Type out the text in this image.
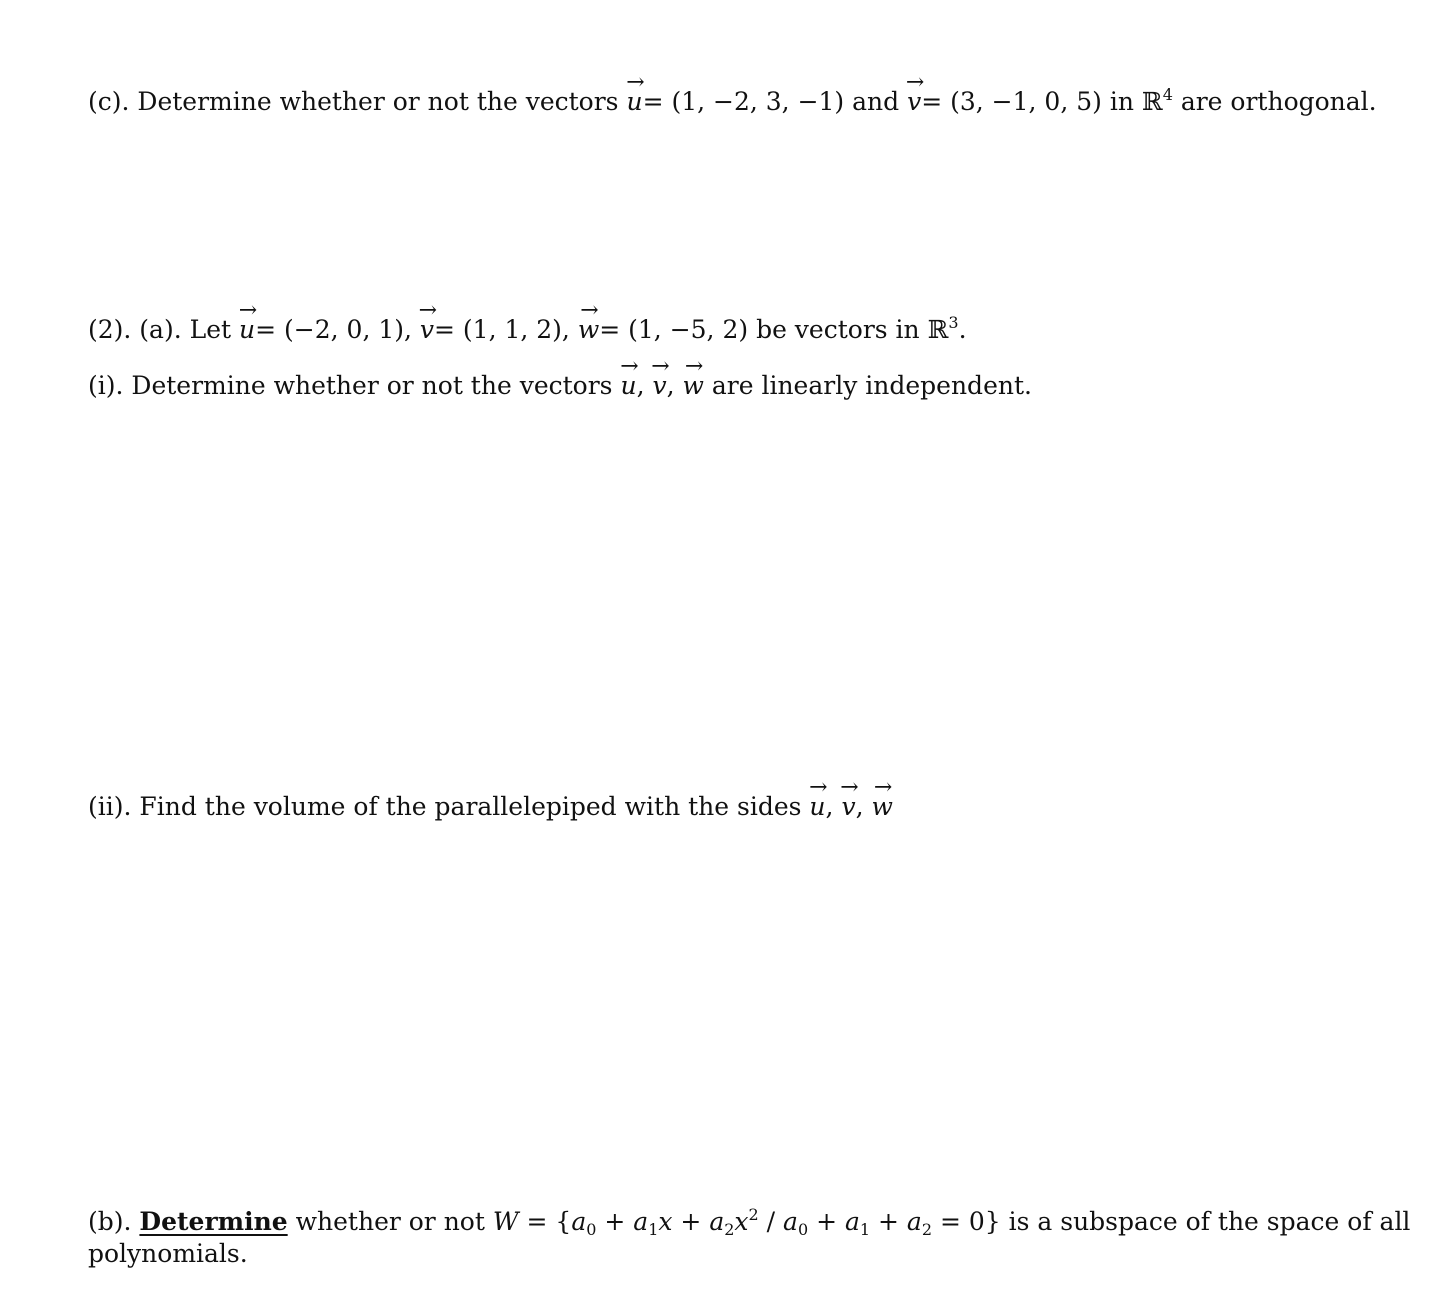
(c). Determine whether or not the vectors → u= (1, −2, 3, −1) and → v= (3, −1, 0, 5) in ℝ$^4$ are orthogonal.
(2). (a). Let → u= (−2, 0, 1), → v= (1, 1, 2), → w= (1, −5, 2) be vectors in ℝ$^3$.
(i). Determine whether or not the vectors → u, → v, → w are linearly independent.
(ii). Find the volume of the parallelepiped with the sides → u, → v, → w
(b). Determine whether or not $W = \{a_0 + a_1x + a_2x^2 / a_0 + a_1 + a_2 = 0\}$ is a subspace of the space of all
polynomials.
